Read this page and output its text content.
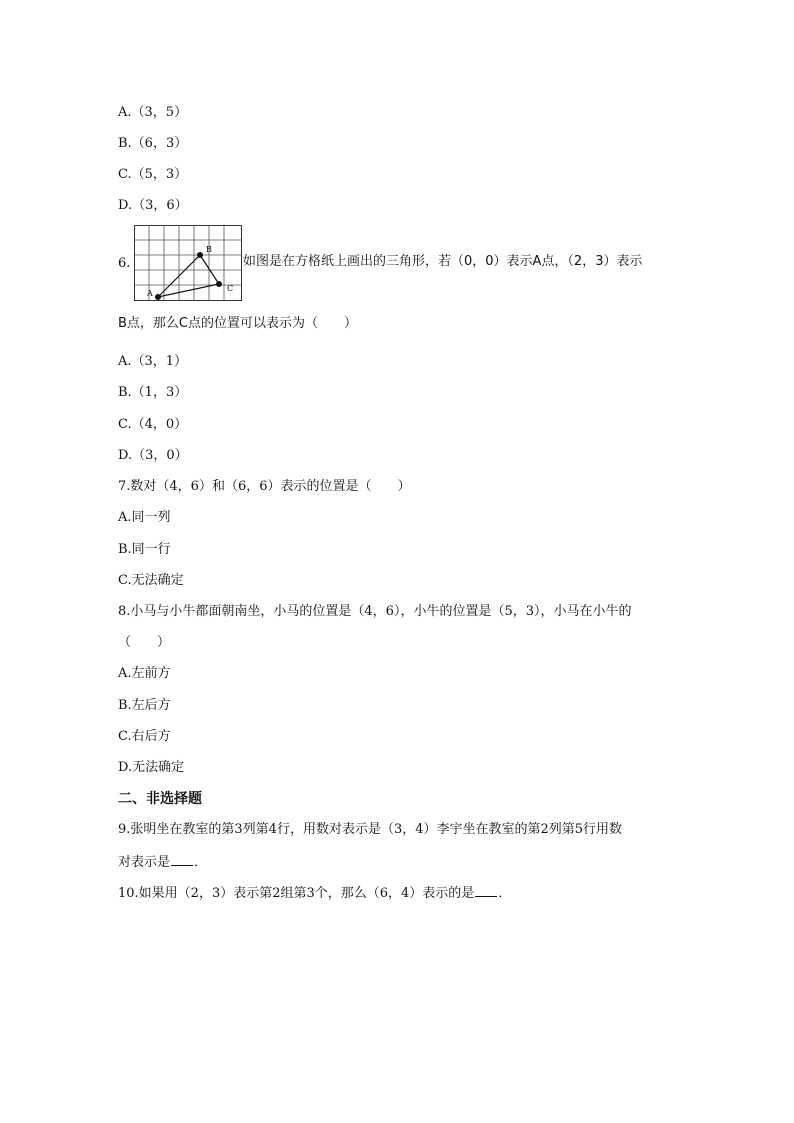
A.（3，5）
B.（6，3）
C.（5，3）
D.（3，6）
6.
A
B
C
如图是在方格纸上画出的三角形，若（0，0）表示A点，（2，3）表示
B点，那么C点的位置可以表示为（　　）
A.（3，1）
B.（1，3）
C.（4，0）
D.（3，0）
7.数对（4，6）和（6，6）表示的位置是（　　）
A.同一列
B.同一行
C.无法确定
8.小马与小牛都面朝南坐，小马的位置是（4，6），小牛的位置是（5，3），小马在小牛的
（　　）
A.左前方
B.左后方
C.右后方
D.无法确定
二、非选择题
9.张明坐在教室的第3列第4行，用数对表示是（3，4）李宇坐在教室的第2列第5行用数
对表示是 ．
10.如果用（2，3）表示第2组第3个，那么（6，4）表示的是 ．
